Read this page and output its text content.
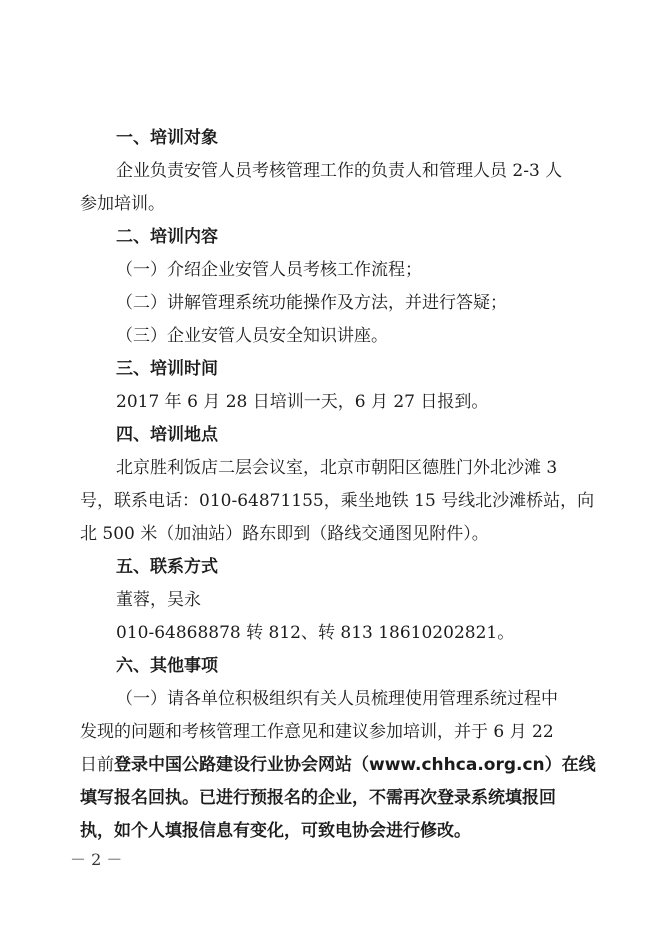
一、培训对象
企业负责安管人员考核管理工作的负责人和管理人员 2-3 人
参加培训。
二、培训内容
（一）介绍企业安管人员考核工作流程；
（二）讲解管理系统功能操作及方法，并进行答疑；
（三）企业安管人员安全知识讲座。
三、培训时间
2017 年 6 月 28 日培训一天，6 月 27 日报到。
四、培训地点
北京胜利饭店二层会议室，北京市朝阳区德胜门外北沙滩 3
号，联系电话：010-64871155，乘坐地铁 15 号线北沙滩桥站，向
北 500 米（加油站）路东即到（路线交通图见附件）。
五、联系方式
董蓉，吴永
010-64868878 转 812、转 813 18610202821。
六、其他事项
（一）请各单位积极组织有关人员梳理使用管理系统过程中
发现的问题和考核管理工作意见和建议参加培训，并于 6 月 22
日前登录中国公路建设行业协会网站（www.chhca.org.cn）在线
填写报名回执。已进行预报名的企业，不需再次登录系统填报回
执，如个人填报信息有变化，可致电协会进行修改。
－ 2 －
